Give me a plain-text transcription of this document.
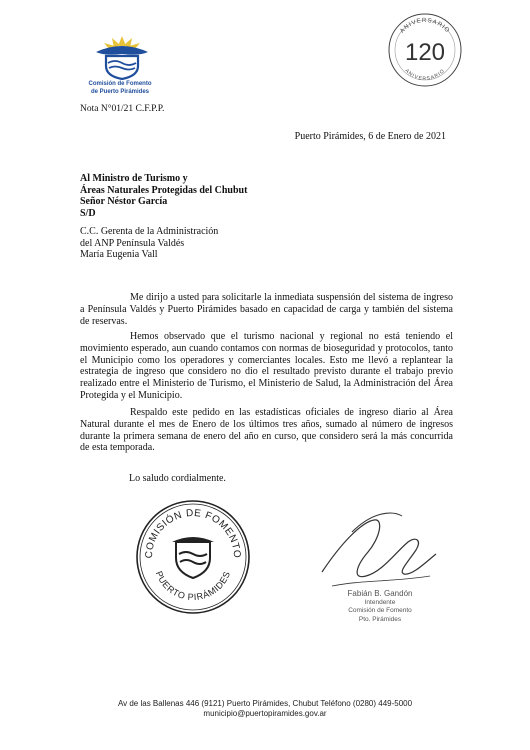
Comisión de Fomento
de Puerto Pirámides
ANIVERSARIO
120
ANIVERSARIO
Nota N°01/21 C.F.P.P.
Puerto Pirámides, 6 de Enero de 2021
Al Ministro de Turismo y
Áreas Naturales Protegidas del Chubut
Señor Néstor García
S/D
C.C. Gerenta de la Administración
del ANP Península Valdés
María Eugenia Vall
Me dirijo a usted para solicitarle la inmediata suspensión del sistema de ingreso a Península Valdés y Puerto Pirámides basado en capacidad de carga y también del sistema de reservas.
Hemos observado que el turismo nacional y regional no está teniendo el movimiento esperado, aun cuando contamos con normas de bioseguridad y protocolos, tanto el Municipio como los operadores y comerciantes locales. Esto me llevó a replantear la estrategia de ingreso que considero no dio el resultado previsto durante el trabajo previo realizado entre el Ministerio de Turismo, el Ministerio de Salud, la Administración del Área Protegida y el Municipio.
Respaldo este pedido en las estadísticas oficiales de ingreso diario al Área Natural durante el mes de Enero de los últimos tres años, sumado al número de ingresos durante la primera semana de enero del año en curso, que considero será la más concurrida de esta temporada.
Lo saludo cordialmente.
COMISIÓN DE FOMENTO
PUERTO PIRÁMIDES
Fabián B. Gandón
Intendente
Comisión de Fomento
Pto. Pirámides
Av de las Ballenas 446 (9121) Puerto Pirámides, Chubut Teléfono (0280) 449-5000
municipio@puertopiramides.gov.ar
